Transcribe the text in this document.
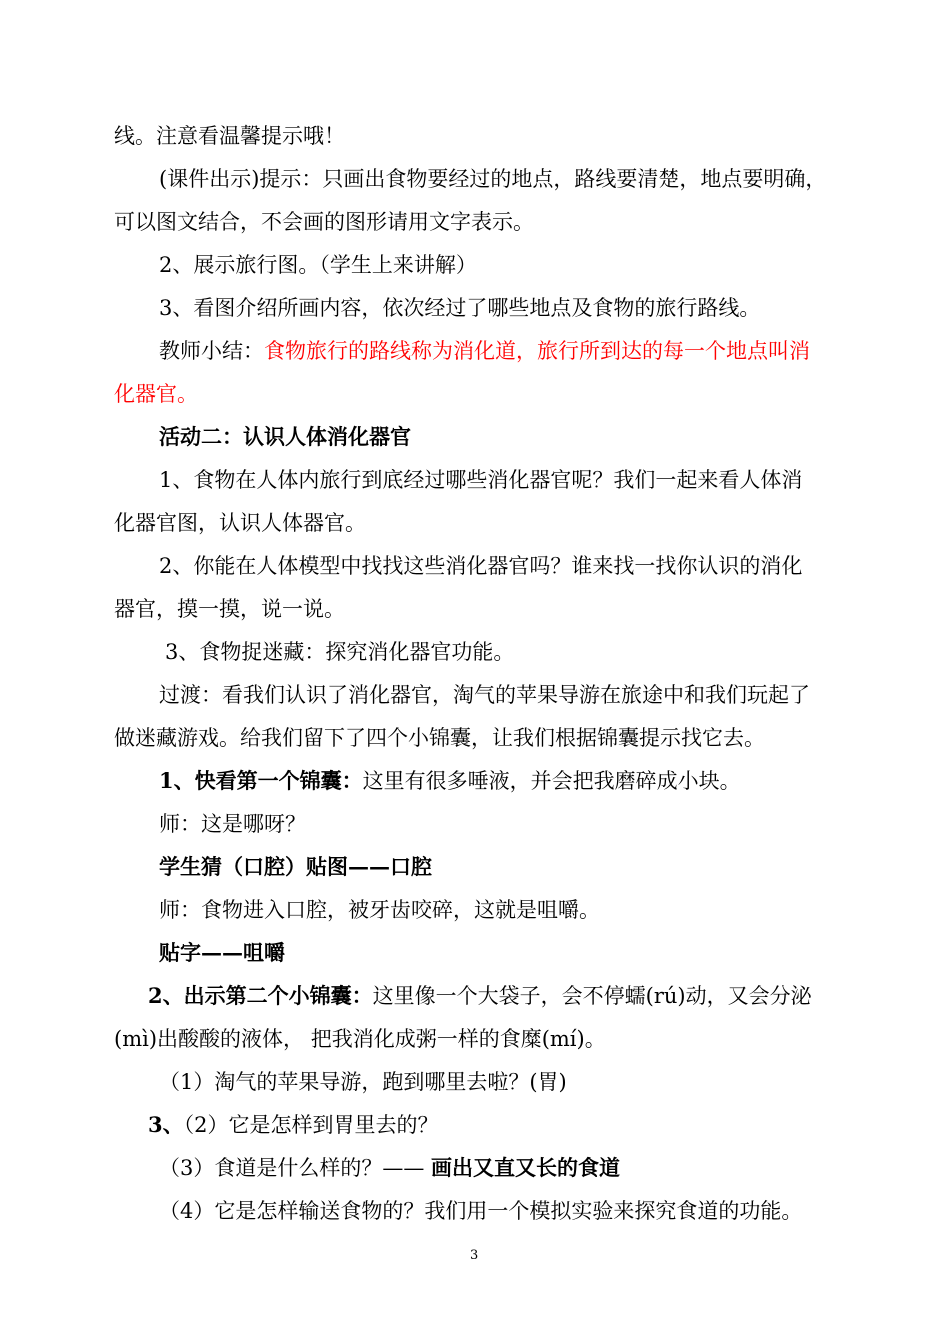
线。注意看温馨提示哦！
(课件出示)提示：只画出食物要经过的地点，路线要清楚，地点要明确，
可以图文结合，不会画的图形请用文字表示。
2、展示旅行图。（学生上来讲解）
3、看图介绍所画内容，依次经过了哪些地点及食物的旅行路线。
教师小结：食物旅行的路线称为消化道，旅行所到达的每一个地点叫消
化器官。
活动二：认识人体消化器官
1、食物在人体内旅行到底经过哪些消化器官呢？我们一起来看人体消
化器官图，认识人体器官。
2、你能在人体模型中找找这些消化器官吗？谁来找一找你认识的消化
器官，摸一摸，说一说。
3、食物捉迷藏：探究消化器官功能。
过渡：看我们认识了消化器官，淘气的苹果导游在旅途中和我们玩起了
做迷藏游戏。给我们留下了四个小锦囊，让我们根据锦囊提示找它去。
1、快看第一个锦囊：这里有很多唾液，并会把我磨碎成小块。
师：这是哪呀？
学生猜（口腔）贴图——口腔
师：食物进入口腔，被牙齿咬碎，这就是咀嚼。
贴字——咀嚼
2、出示第二个小锦囊：这里像一个大袋子，会不停蠕(rú)动，又会分泌
(mì)出酸酸的液体， 把我消化成粥一样的食糜(mí)。
（1）淘气的苹果导游，跑到哪里去啦？(胃)
3、（2）它是怎样到胃里去的？
（3）食道是什么样的？—— 画出又直又长的食道
（4）它是怎样输送食物的？我们用一个模拟实验来探究食道的功能。
3
